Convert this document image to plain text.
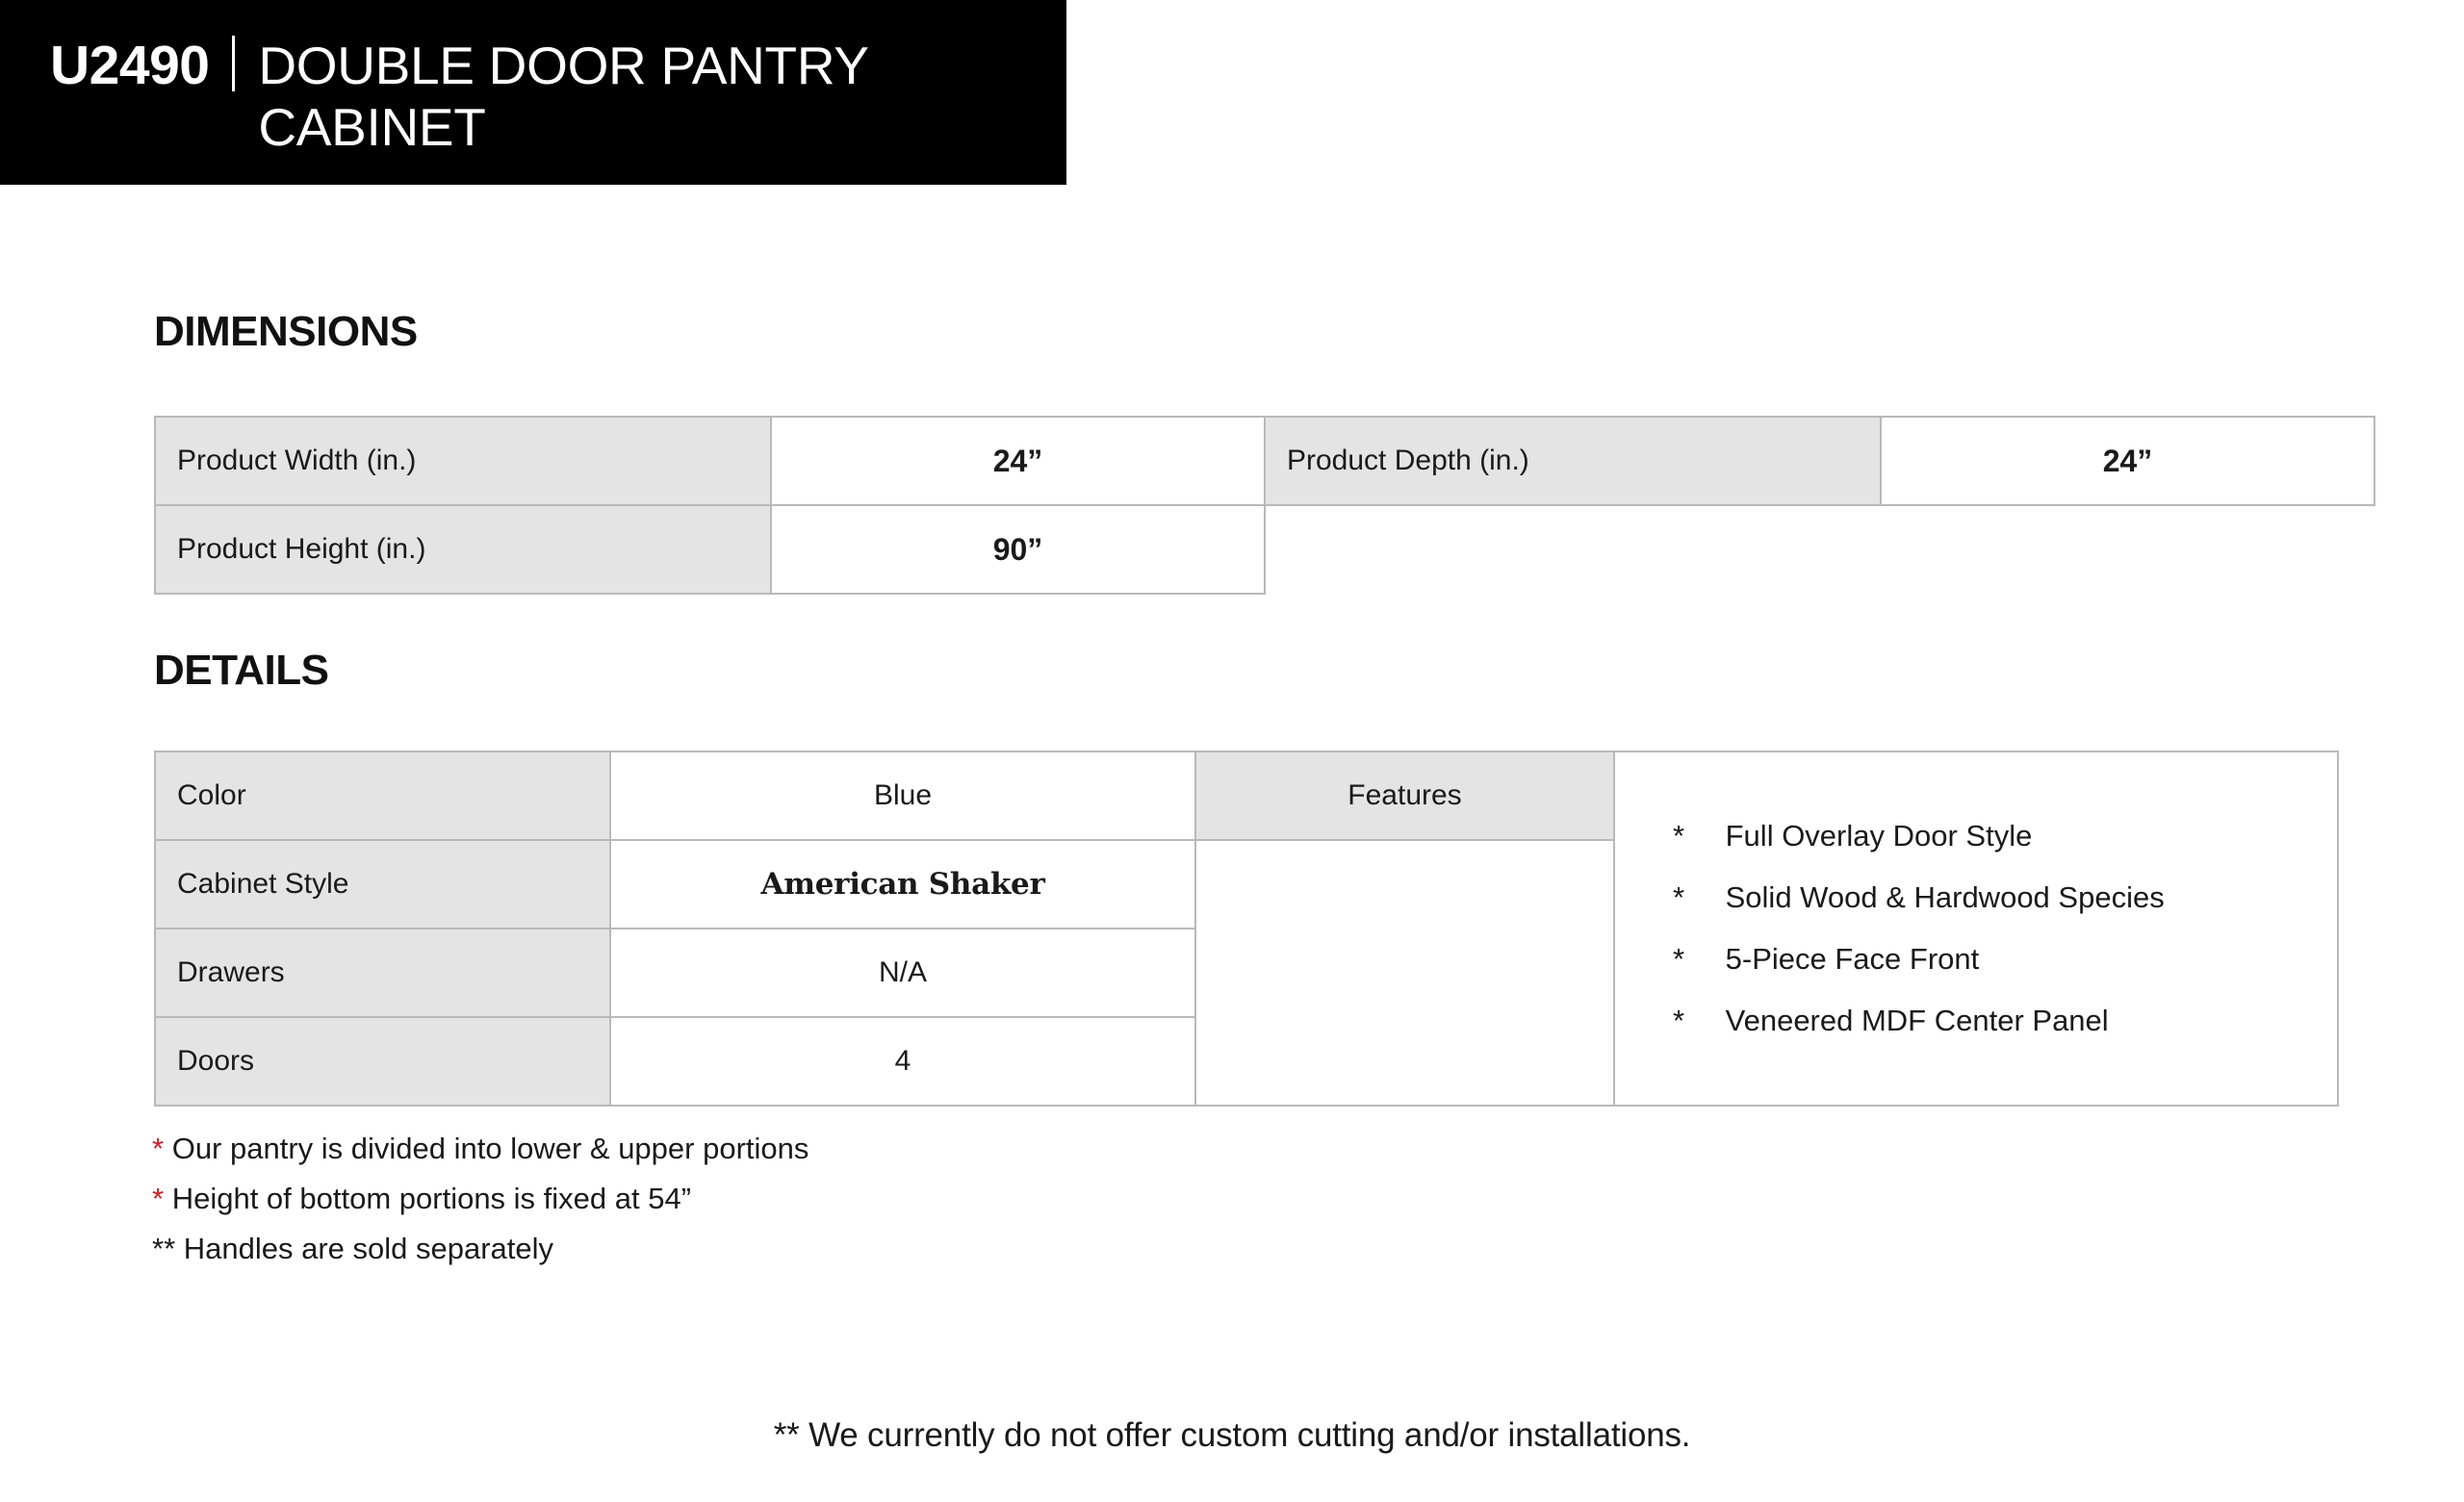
U2490 DOUBLE DOOR PANTRY CABINET
DIMENSIONS
Product Width (in.)	24”	Product Depth (in.)	24”
Product Height (in.)	90”		
DETAILS
Color	Blue	Features	
* Full Overlay Door Style
* Solid Wood & Hardwood Species
* 5-Piece Face Front
* Veneered MDF Center Panel

Cabinet Style	American Shaker		
Drawers	N/A		
Doors	4		
* Our pantry is divided into lower & upper portions
* Height of bottom portions is fixed at 54”
** Handles are sold separately
** We currently do not offer custom cutting and/or installations.
